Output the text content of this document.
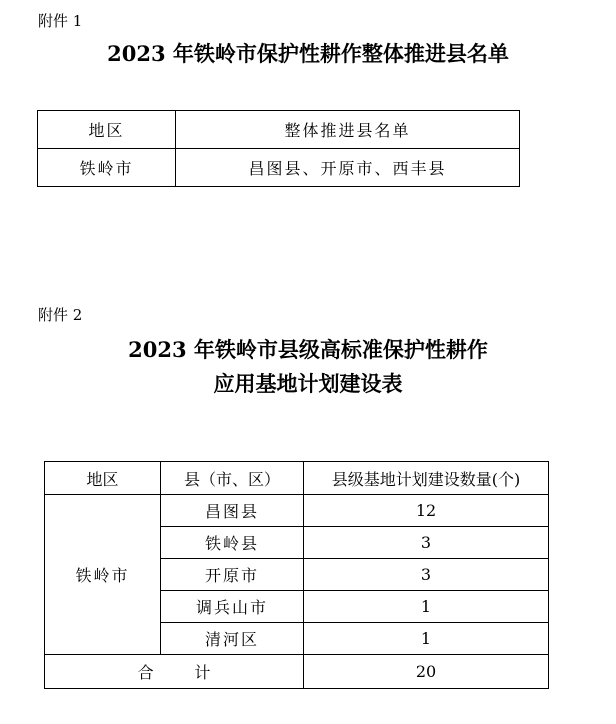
附件 1
2023 年铁岭市保护性耕作整体推进县名单
地区	整体推进县名单
铁岭市	昌图县、开原市、西丰县
附件 2
2023 年铁岭市县级高标准保护性耕作
应用基地计划建设表
地区	县（市、区）	县级基地计划建设数量(个)
铁岭市	昌图县	12
	铁岭县	3
	开原市	3
	调兵山市	1
	清河区	1
合        计		20
